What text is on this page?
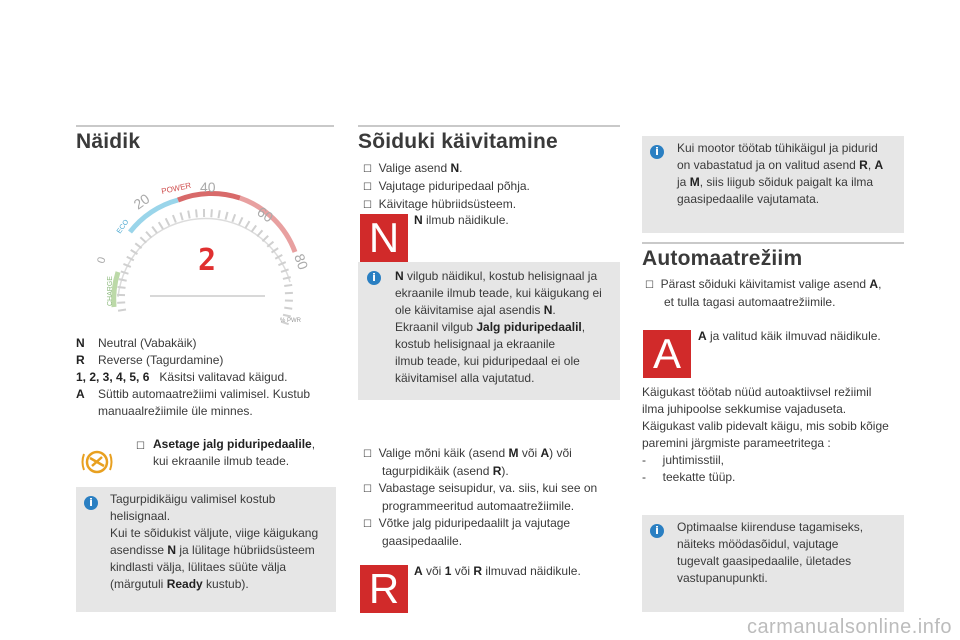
Näidik
0
ECO
20
POWER 40
60
80
CHARGE
% PWR
2
N Neutral (Vabakäik)
R Reverse (Tagurdamine)
1, 2, 3, 4, 5, 6 Käsitsi valitavad käigud.
A Süttib automaatrežiimi valimisel. Kustub
manuaalrežiimile üle minnes.
☐ Asetage jalg piduripedaalile,
kui ekraanile ilmub teade.
i	Tagurpidikäigu valimisel kostub
helisignaal.
Kui te sõidukist väljute, viige käigukang
asendisse N ja lülitage hübriidsüsteem
kindlasti välja, lülitaes süüte välja
(märgutuli Ready kustub).
Sõiduki käivitamine
☐ Valige asend N.
☐ Vajutage piduripedaal põhja.
☐ Käivitage hübriidsüsteem.
N	N ilmub näidikule.
i	N vilgub näidikul, kostub helisignaal ja
ekraanile ilmub teade, kui käigukang ei
ole käivitamise ajal asendis N.
Ekraanil vilgub Jalg piduripedaalil,
kostub helisignaal ja ekraanile
ilmub teade, kui piduripedaal ei ole
käivitamisel alla vajutatud.
☐ Valige mõni käik (asend M või A) või
tagurpidikäik (asend R).
☐ Vabastage seisupidur, va. siis, kui see on
programmeeritud automaatrežiimile.
☐ Võtke jalg piduripedaalilt ja vajutage
gaasipedaalile.
R	A või 1 või R ilmuvad näidikule.
i	Kui mootor töötab tühikäigul ja pidurid
on vabastatud ja on valitud asend R, A
ja M, siis liigub sõiduk paigalt ka ilma
gaasipedaalile vajutamata.
Automaatrežiim
☐ Pärast sõiduki käivitamist valige asend A,
et tulla tagasi automaatrežiimile.
A	A ja valitud käik ilmuvad näidikule.
Käigukast töötab nüüd autoaktiivsel režiimil
ilma juhipoolse sekkumise vajaduseta.
Käigukast valib pidevalt käigu, mis sobib kõige
paremini järgmiste parameetritega :
-     juhtimisstiil,
-     teekatte tüüp.
i	Optimaalse kiirenduse tagamiseks,
näiteks möödasõidul, vajutage
tugevalt gaasipedaalile, ületades
vastupanupunkti.
carmanualsonline.info
